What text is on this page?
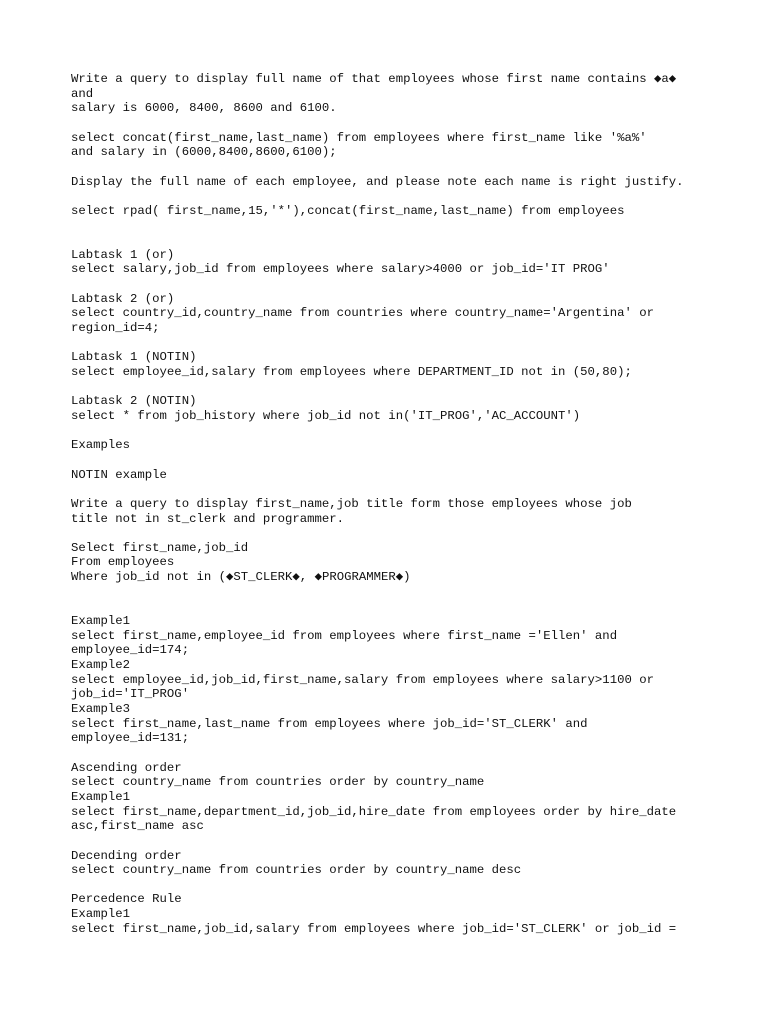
Write a query to display full name of that employees whose first name contains ◆a◆
and
salary is 6000, 8400, 8600 and 6100.
select concat(first_name,last_name) from employees where first_name like '%a%'
and salary in (6000,8400,8600,6100);
Display the full name of each employee, and please note each name is right justify.
select rpad( first_name,15,'*'),concat(first_name,last_name) from employees
Labtask 1 (or)
select salary,job_id from employees where salary>4000 or job_id='IT PROG'
Labtask 2 (or)
select country_id,country_name from countries where country_name='Argentina' or
region_id=4;
Labtask 1 (NOTIN)
select employee_id,salary from employees where DEPARTMENT_ID not in (50,80);
Labtask 2 (NOTIN)
select * from job_history where job_id not in('IT_PROG','AC_ACCOUNT')
Examples
NOTIN example
Write a query to display first_name,job title form those employees whose job
title not in st_clerk and programmer.
Select first_name,job_id
From employees
Where job_id not in (◆ST_CLERK◆, ◆PROGRAMMER◆)
Example1
select first_name,employee_id from employees where first_name ='Ellen' and
employee_id=174;
Example2
select employee_id,job_id,first_name,salary from employees where salary>1100 or
job_id='IT_PROG'
Example3
select first_name,last_name from employees where job_id='ST_CLERK' and
employee_id=131;
Ascending order
select country_name from countries order by country_name
Example1
select first_name,department_id,job_id,hire_date from employees order by hire_date
asc,first_name asc
Decending order
select country_name from countries order by country_name desc
Percedence Rule
Example1
select first_name,job_id,salary from employees where job_id='ST_CLERK' or job_id =
